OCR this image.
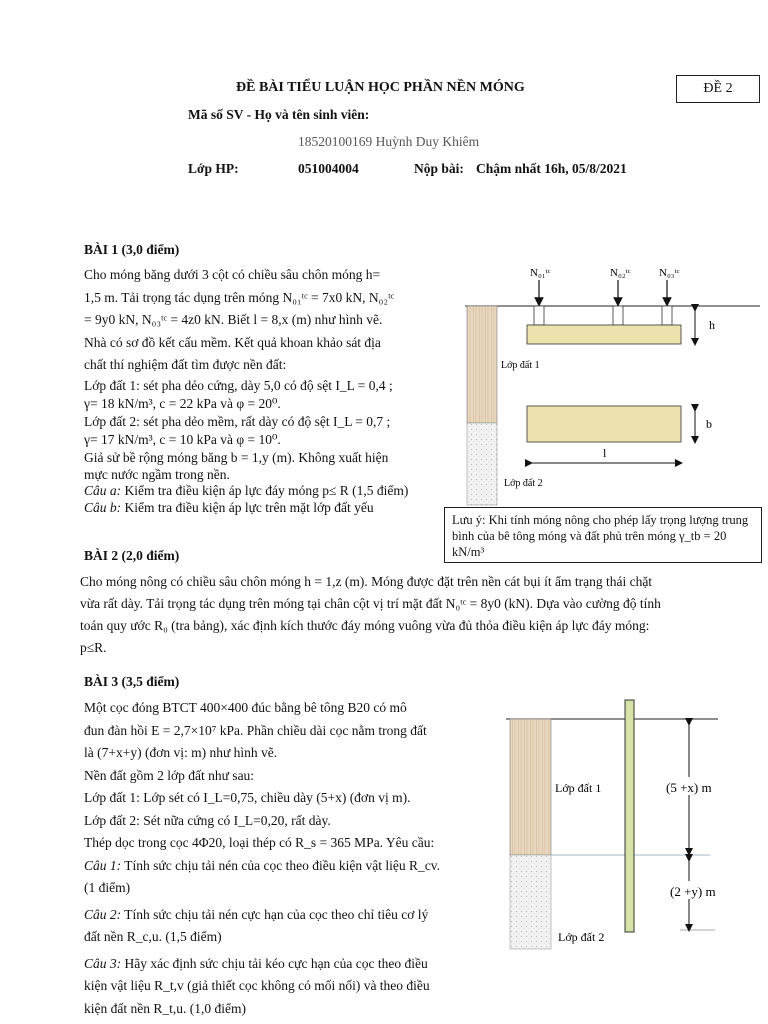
ĐỀ BÀI TIỂU LUẬN HỌC PHẦN NỀN MÓNG	ĐỀ 2
Mã số SV - Họ và tên sinh viên:
18520100169 Huỳnh Duy Khiêm
Lớp HP:	051004004	Nộp bài: Chậm nhất 16h, 05/8/2021
BÀI 1 (3,0 điểm)
Cho móng băng dưới 3 cột có chiều sâu chôn móng h=
1,5 m. Tải trọng tác dụng trên móng N₀₁ᵗᶜ = 7x0 kN, N₀₂ᵗᶜ
= 9y0 kN, N₀₃ᵗᶜ = 4z0 kN. Biết l = 8,x (m) như hình vẽ.
Nhà có sơ đồ kết cấu mềm. Kết quả khoan khảo sát địa
chất thí nghiệm đất tìm được nền đất:
Lớp đất 1: sét pha dẻo cứng, dày 5,0 có độ sệt I_L = 0,4 ;
γ= 18 kN/m³, c = 22 kPa và φ = 20⁰.
Lớp đất 2: sét pha dẻo mềm, rất dày có độ sệt I_L = 0,7 ;
γ= 17 kN/m³, c = 10 kPa và φ = 10⁰.
Giả sử bề rộng móng băng b = 1,y (m). Không xuất hiện
mực nước ngầm trong nền.
Câu a: Kiểm tra điều kiện áp lực đáy móng p≤ R (1,5 điểm)
Câu b: Kiểm tra điều kiện áp lực trên mặt lớp đất yếu
N₀₁ᵗᶜ	N₀₂ᵗᶜ	N₀₃ᵗᶜ
h
b
l
Lớp đất 1
Lớp đất 2
Lưu ý: Khi tính móng nông cho phép lấy trọng lượng trung bình của bê tông móng và đất phủ trên móng γ_tb = 20 kN/m³
BÀI 2 (2,0 điểm)
Cho móng nông có chiều sâu chôn móng h = 1,z (m). Móng được đặt trên nền cát bụi ít ẩm trạng thái chặt
vừa rất dày. Tải trọng tác dụng trên móng tại chân cột vị trí mặt đất N₀ᵗᶜ = 8y0 (kN). Dựa vào cường độ tính
toán quy ước R₀ (tra bảng), xác định kích thước đáy móng vuông vừa đủ thỏa điều kiện áp lực đáy móng:
p≤R.
BÀI 3 (3,5 điểm)
Một cọc đóng BTCT 400×400 đúc bằng bê tông B20 có mô
đun đàn hồi E = 2,7×10⁷ kPa. Phần chiều dài cọc nằm trong đất
là (7+x+y) (đơn vị: m) như hình vẽ.
Nền đất gồm 2 lớp đất như sau:
Lớp đất 1: Lớp sét có I_L=0,75, chiều dày (5+x) (đơn vị m).
Lớp đất 2: Sét nữa cứng có I_L=0,20, rất dày.
Thép dọc trong cọc 4Φ20, loại thép có R_s = 365 MPa. Yêu cầu:
Câu 1: Tính sức chịu tải nén của cọc theo điều kiện vật liệu R_cv.
(1 điểm)
Câu 2: Tính sức chịu tải nén cực hạn của cọc theo chỉ tiêu cơ lý
đất nền R_c,u. (1,5 điểm)
Câu 3: Hãy xác định sức chịu tải kéo cực hạn của cọc theo điều
kiện vật liệu R_t,v (giả thiết cọc không có mối nối) và theo điều
kiện đất nền R_t,u. (1,0 điểm)
(5 +x) m
(2 +y) m
Lớp đất 1
Lớp đất 2
